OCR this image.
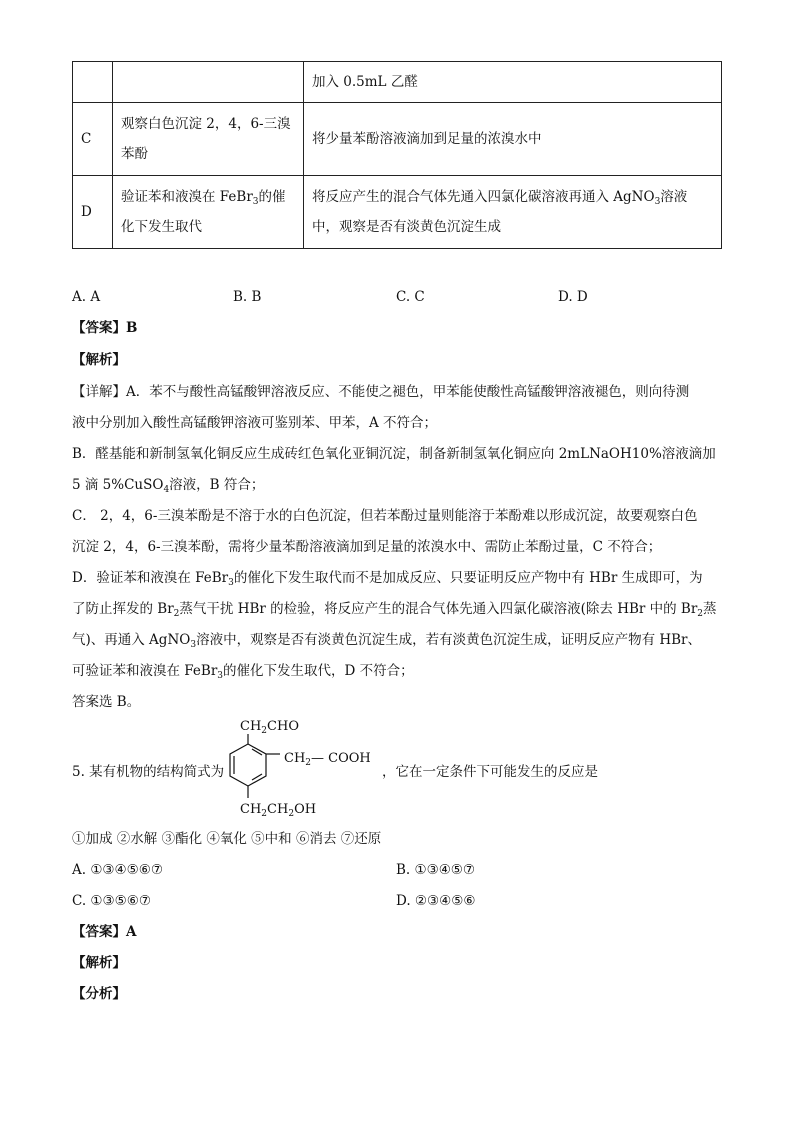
		加入 0.5mL 乙醛
C	观察白色沉淀 2，4，6-三溴苯酚	将少量苯酚溶液滴加到足量的浓溴水中
D	验证苯和液溴在 FeBr$_3$的催化下发生取代	将反应产生的混合气体先通入四氯化碳溶液再通入 AgNO$_3$溶液中，观察是否有淡黄色沉淀生成
A. A	B. B	C. C	D. D
【答案】B
【解析】
【详解】A．苯不与酸性高锰酸钾溶液反应、不能使之褪色，甲苯能使酸性高锰酸钾溶液褪色，则向待测
液中分别加入酸性高锰酸钾溶液可鉴别苯、甲苯，A 不符合；
B．醛基能和新制氢氧化铜反应生成砖红色氧化亚铜沉淀，制备新制氢氧化铜应向 2mLNaOH10%溶液滴加
5 滴 5%CuSO$_4$溶液，B 符合；
C． 2，4，6-三溴苯酚是不溶于水的白色沉淀，但若苯酚过量则能溶于苯酚难以形成沉淀，故要观察白色
沉淀 2，4，6-三溴苯酚，需将少量苯酚溶液滴加到足量的浓溴水中、需防止苯酚过量，C 不符合；
D．验证苯和液溴在 FeBr$_3$的催化下发生取代而不是加成反应、只要证明反应产物中有 HBr 生成即可，为
了防止挥发的 $Br_2$蒸气干扰 HBr 的检验，将反应产生的混合气体先通入四氯化碳溶液(除去 HBr 中的 $Br_2$蒸
气)、再通入 AgNO$_3$溶液中，观察是否有淡黄色沉淀生成，若有淡黄色沉淀生成，证明反应产物有 HBr、
可验证苯和液溴在 FeBr$_3$的催化下发生取代，D 不符合；
答案选 B。
5. 某有机物的结构简式为	，它在一定条件下可能发生的反应是
$CH_2CHO$
$CH_2—$ COOH
$CH_2CH_2OH$
①加成 ②水解 ③酯化 ④氧化 ⑤中和 ⑥消去 ⑦还原
A. ①③④⑤⑥⑦	B. ①③④⑤⑦
C. ①③⑤⑥⑦	D. ②③④⑤⑥
【答案】A
【解析】
【分析】
